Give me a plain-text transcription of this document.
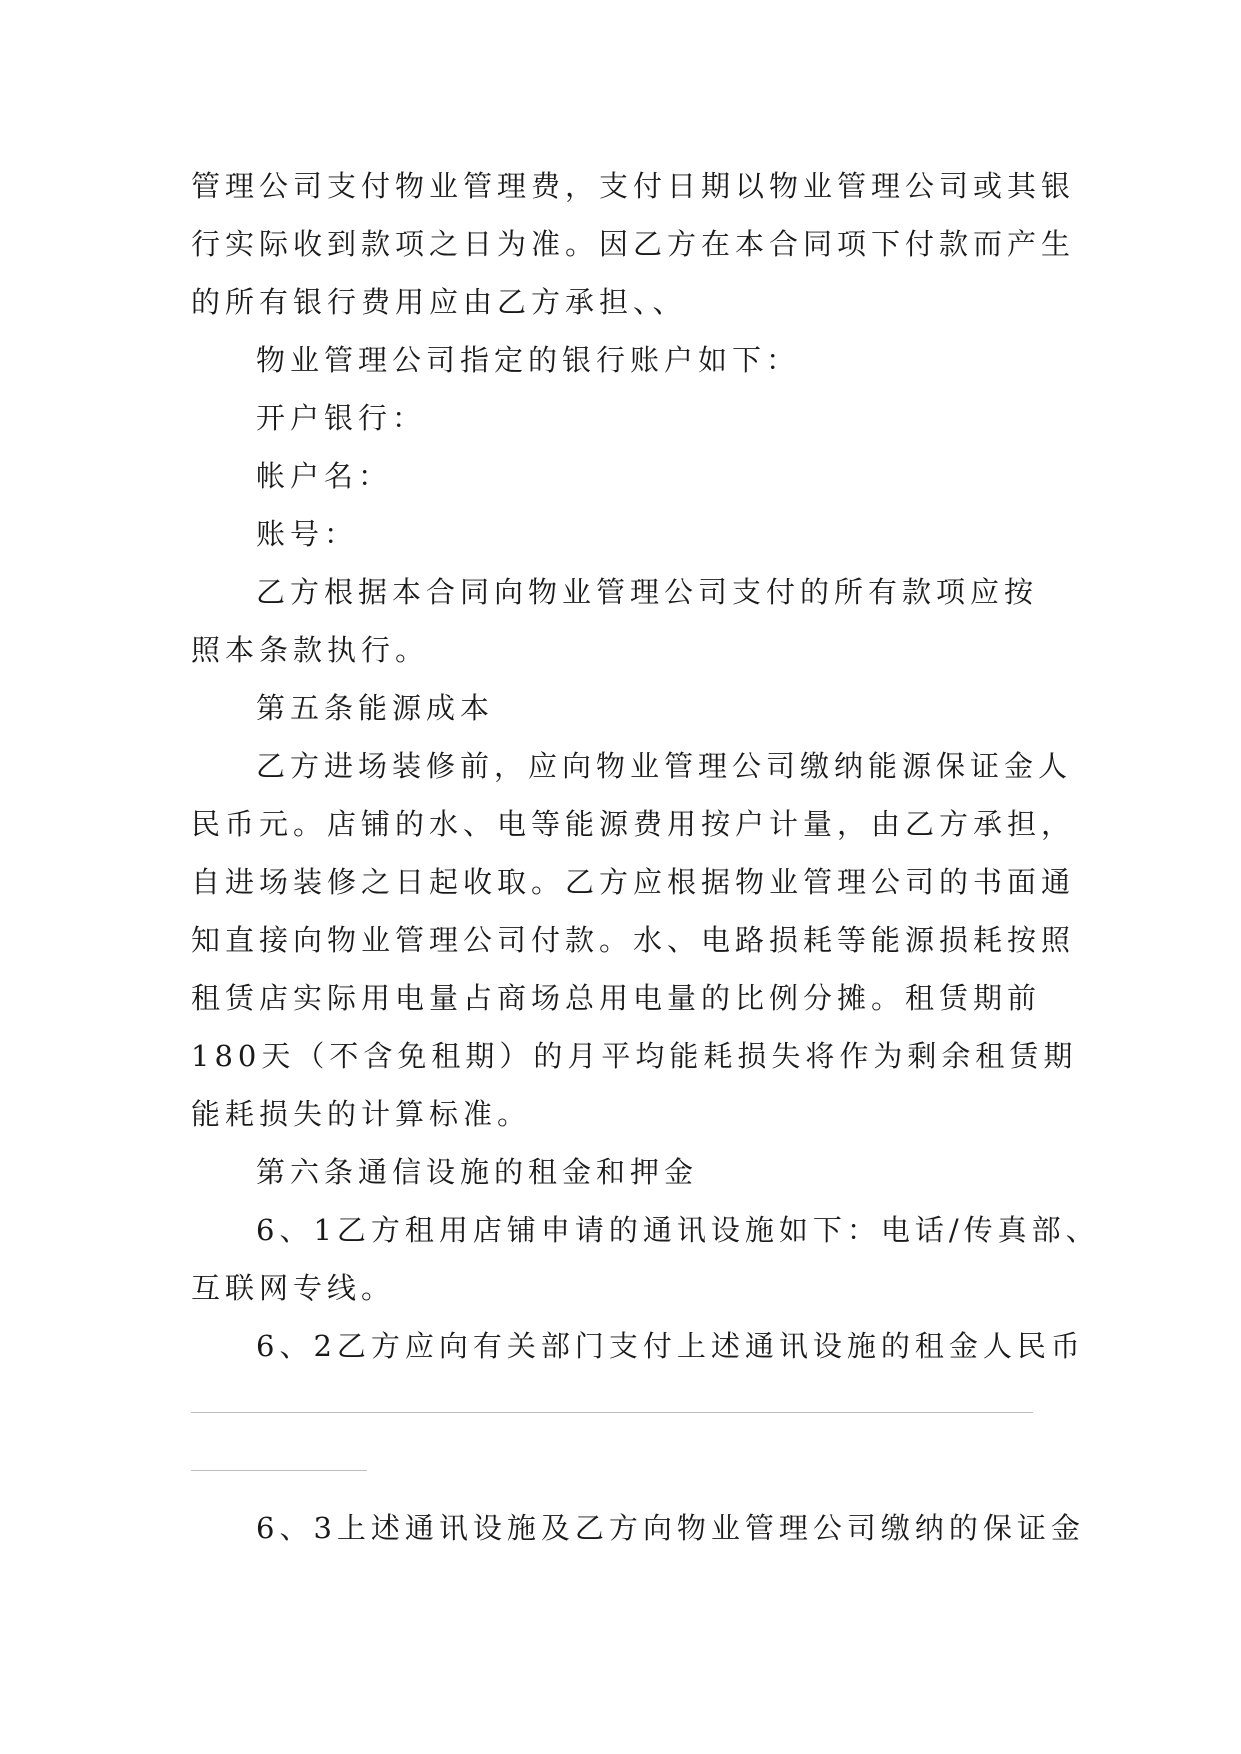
管理公司支付物业管理费，支付日期以物业管理公司或其银

行实际收到款项之日为准。因乙方在本合同项下付款而产生

的所有银行费用应由乙方承担、、

物业管理公司指定的银行账户如下：

开户银行：

帐户名：

账号：

乙方根据本合同向物业管理公司支付的所有款项应按

照本条款执行。

第五条能源成本

乙方进场装修前，应向物业管理公司缴纳能源保证金人

民币元。店铺的水、电等能源费用按户计量，由乙方承担，

自进场装修之日起收取。乙方应根据物业管理公司的书面通

知直接向物业管理公司付款。水、电路损耗等能源损耗按照

租赁店实际用电量占商场总用电量的比例分摊。租赁期前

180天（不含免租期）的月平均能耗损失将作为剩余租赁期

能耗损失的计算标准。

第六条通信设施的租金和押金

6、1乙方租用店铺申请的通讯设施如下：电话/传真部、

互联网专线。

6、2乙方应向有关部门支付上述通讯设施的租金人民币

6、3上述通讯设施及乙方向物业管理公司缴纳的保证金
